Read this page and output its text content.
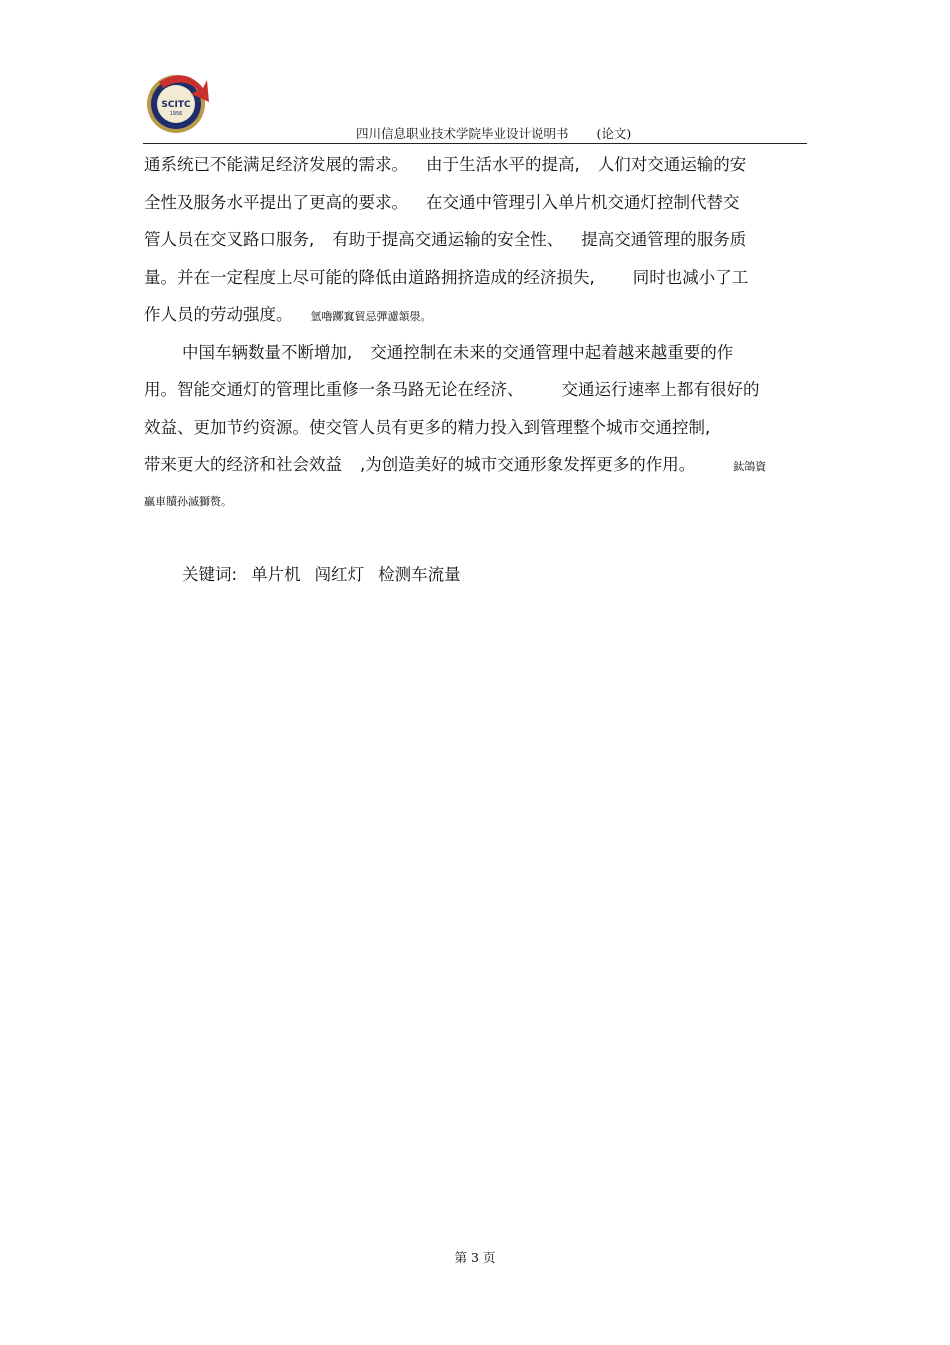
SCITC
1956
四川信息职业技术学院毕业设计说明书 (论文)
通系统已不能满足经济发展的需求。 由于生活水平的提高, 人们对交通运输的安
全性及服务水平提出了更高的要求。 在交通中管理引入单片机交通灯控制代替交
管人员在交叉路口服务, 有助于提高交通运输的安全性、 提高交通管理的服务质
量。并在一定程度上尽可能的降低由道路拥挤造成的经济损失, 同时也减小了工
作人员的劳动强度。 氫嚕躑窴貿忌彈濾頷澩。
中国车辆数量不断增加, 交通控制在未来的交通管理中起着越来越重要的作
用。智能交通灯的管理比重修一条马路无论在经济、 交通运行速率上都有很好的
效益、更加节约资源。使交管人员有更多的精力投入到管理整个城市交通控制,
带来更大的经济和社会效益 ,为创造美好的城市交通形象发挥更多的作用。	鈦鴿資
贏車贖孙滅獅赘。
关键词: 单片机 闯红灯 检测车流量
第 3 页
